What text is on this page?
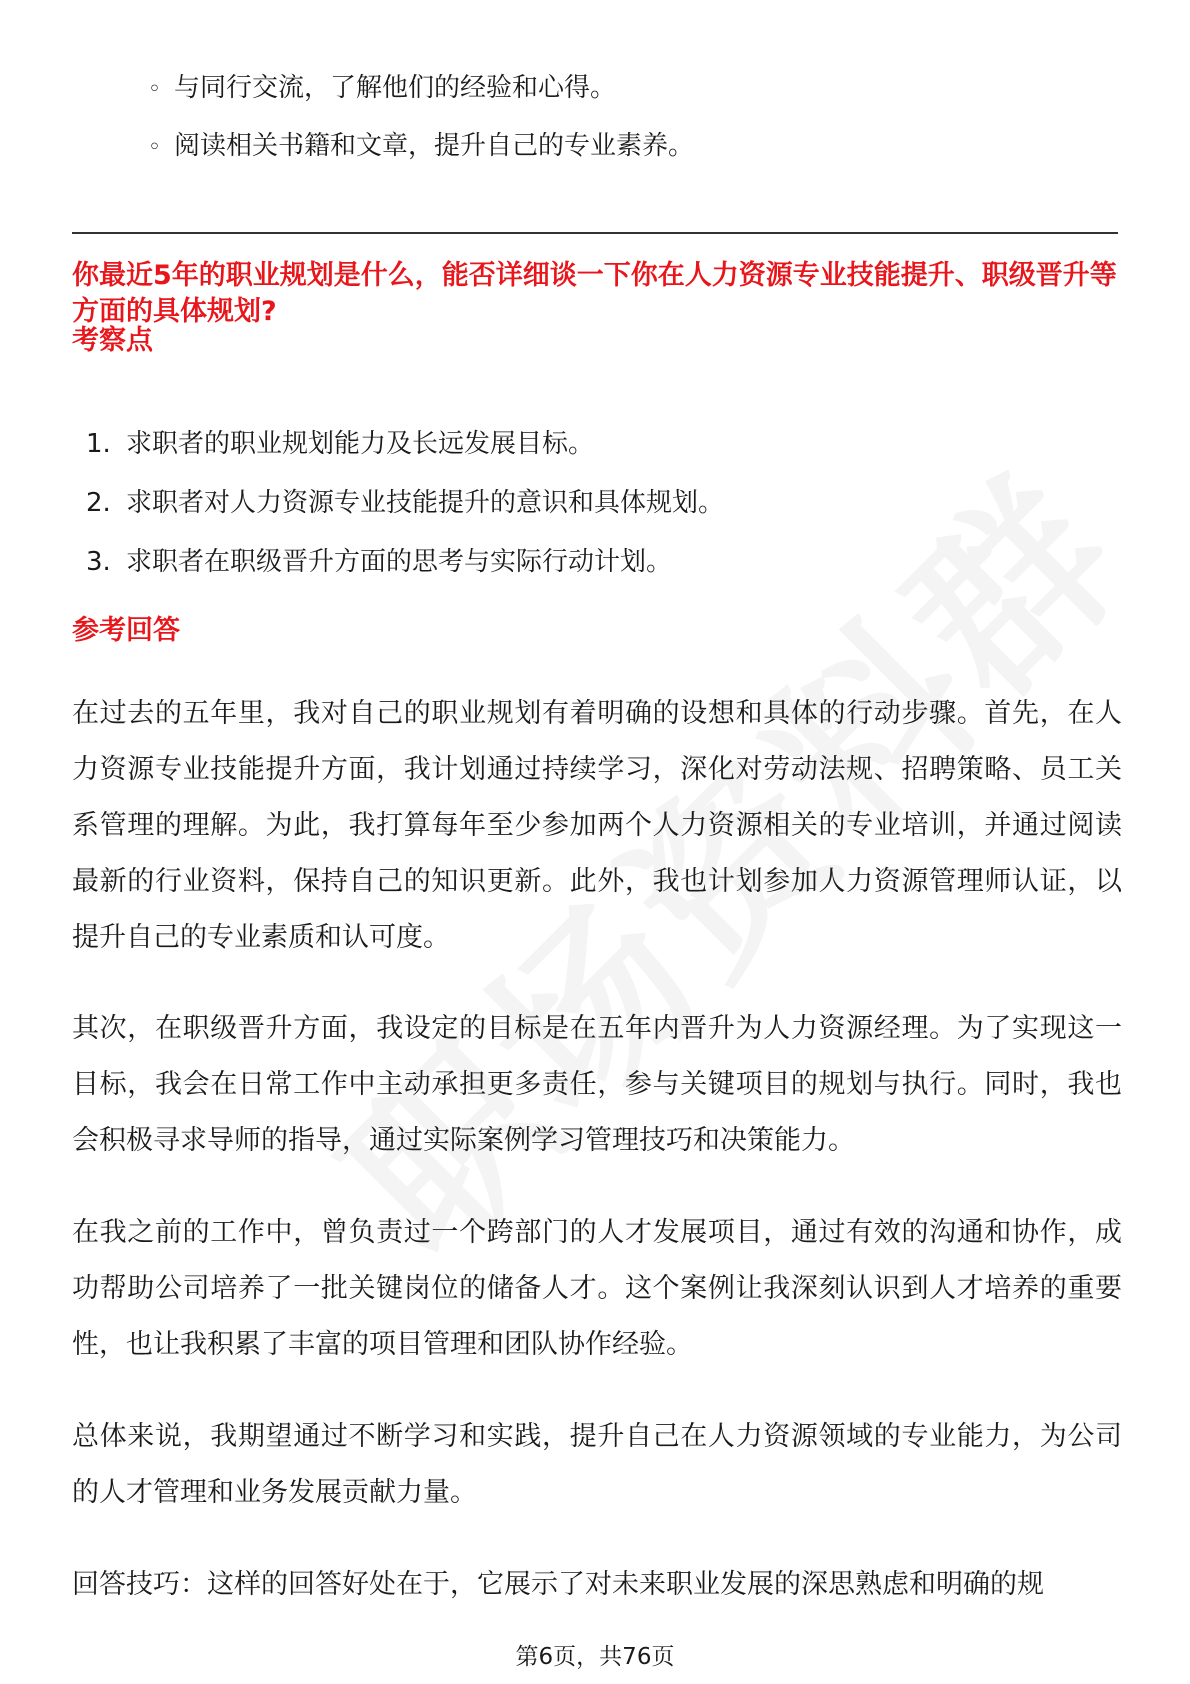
◦ 与同行交流，了解他们的经验和心得。
◦ 阅读相关书籍和文章，提升自己的专业素养。

你最近5年的职业规划是什么，能否详细谈一下你在人力资源专业技能提升、职级晋升等方面的具体规划?

考察点

1. 求职者的职业规划能力及长远发展目标。
2. 求职者对人力资源专业技能提升的意识和具体规划。
3. 求职者在职级晋升方面的思考与实际行动计划。

参考回答

在过去的五年里，我对自己的职业规划有着明确的设想和具体的行动步骤。首先，在人力资源专业技能提升方面，我计划通过持续学习，深化对劳动法规、招聘策略、员工关系管理的理解。为此，我打算每年至少参加两个人力资源相关的专业培训，并通过阅读最新的行业资料，保持自己的知识更新。此外，我也计划参加人力资源管理师认证，以提升自己的专业素质和认可度。

其次，在职级晋升方面，我设定的目标是在五年内晋升为人力资源经理。为了实现这一目标，我会在日常工作中主动承担更多责任，参与关键项目的规划与执行。同时，我也会积极寻求导师的指导，通过实际案例学习管理技巧和决策能力。

在我之前的工作中，曾负责过一个跨部门的人才发展项目，通过有效的沟通和协作，成功帮助公司培养了一批关键岗位的储备人才。这个案例让我深刻认识到人才培养的重要性，也让我积累了丰富的项目管理和团队协作经验。

总体来说，我期望通过不断学习和实践，提升自己在人力资源领域的专业能力，为公司的人才管理和业务发展贡献力量。

回答技巧：这样的回答好处在于，它展示了对未来职业发展的深思熟虑和明确的规

第6页，共76页
